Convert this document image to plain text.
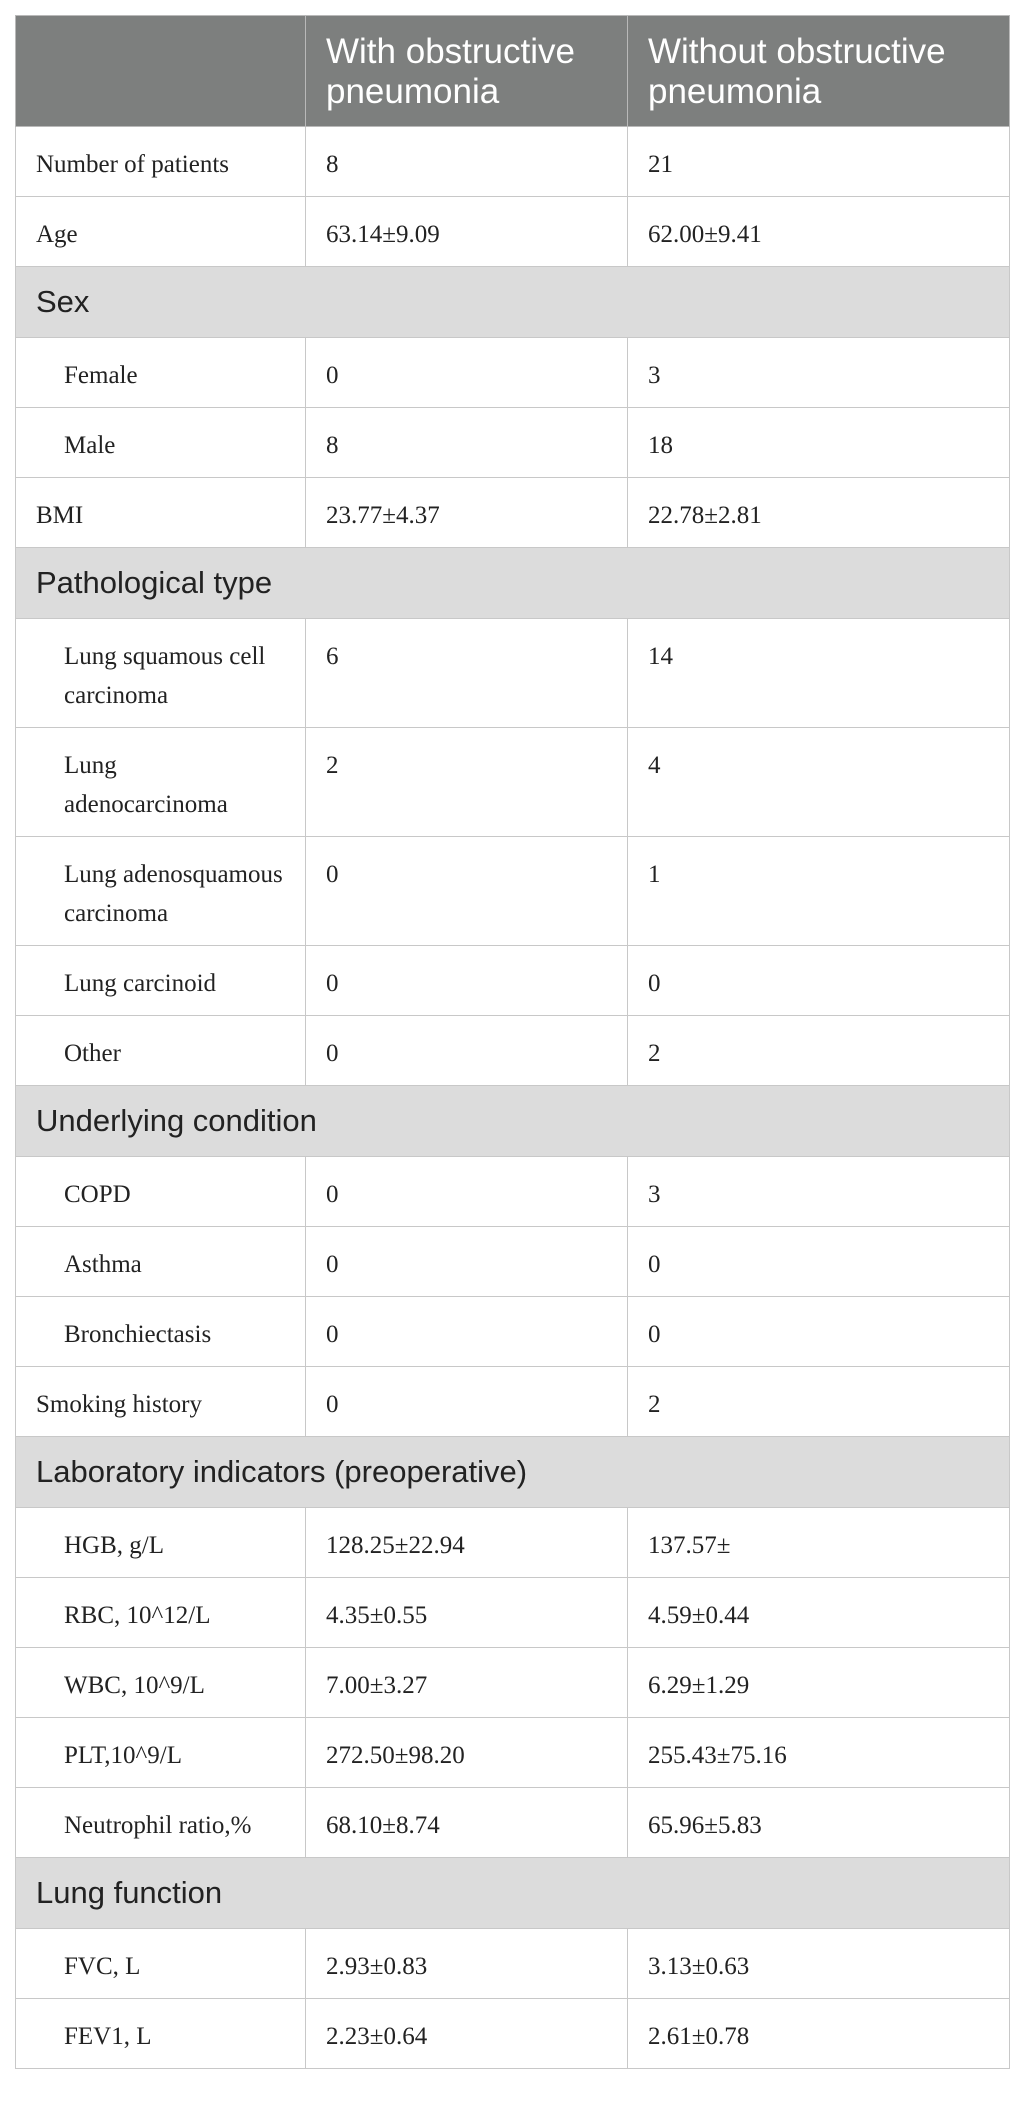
	With obstructive pneumonia	Without obstructive pneumonia
Number of patients	8	21
Age	63.14±9.09	62.00±9.41
Sex		
Female	0	3
Male	8	18
BMI	23.77±4.37	22.78±2.81
Pathological type		
Lung squamous cell carcinoma	6	14
Lung adenocarcinoma	2	4
Lung adenosquamous carcinoma	0	1
Lung carcinoid	0	0
Other	0	2
Underlying condition		
COPD	0	3
Asthma	0	0
Bronchiectasis	0	0
Smoking history	0	2
Laboratory indicators (preoperative)		
HGB, g/L	128.25±22.94	137.57±
RBC, 10^12/L	4.35±0.55	4.59±0.44
WBC, 10^9/L	7.00±3.27	6.29±1.29
PLT,10^9/L	272.50±98.20	255.43±75.16
Neutrophil ratio,%	68.10±8.74	65.96±5.83
Lung function		
FVC, L	2.93±0.83	3.13±0.63
FEV1, L	2.23±0.64	2.61±0.78
